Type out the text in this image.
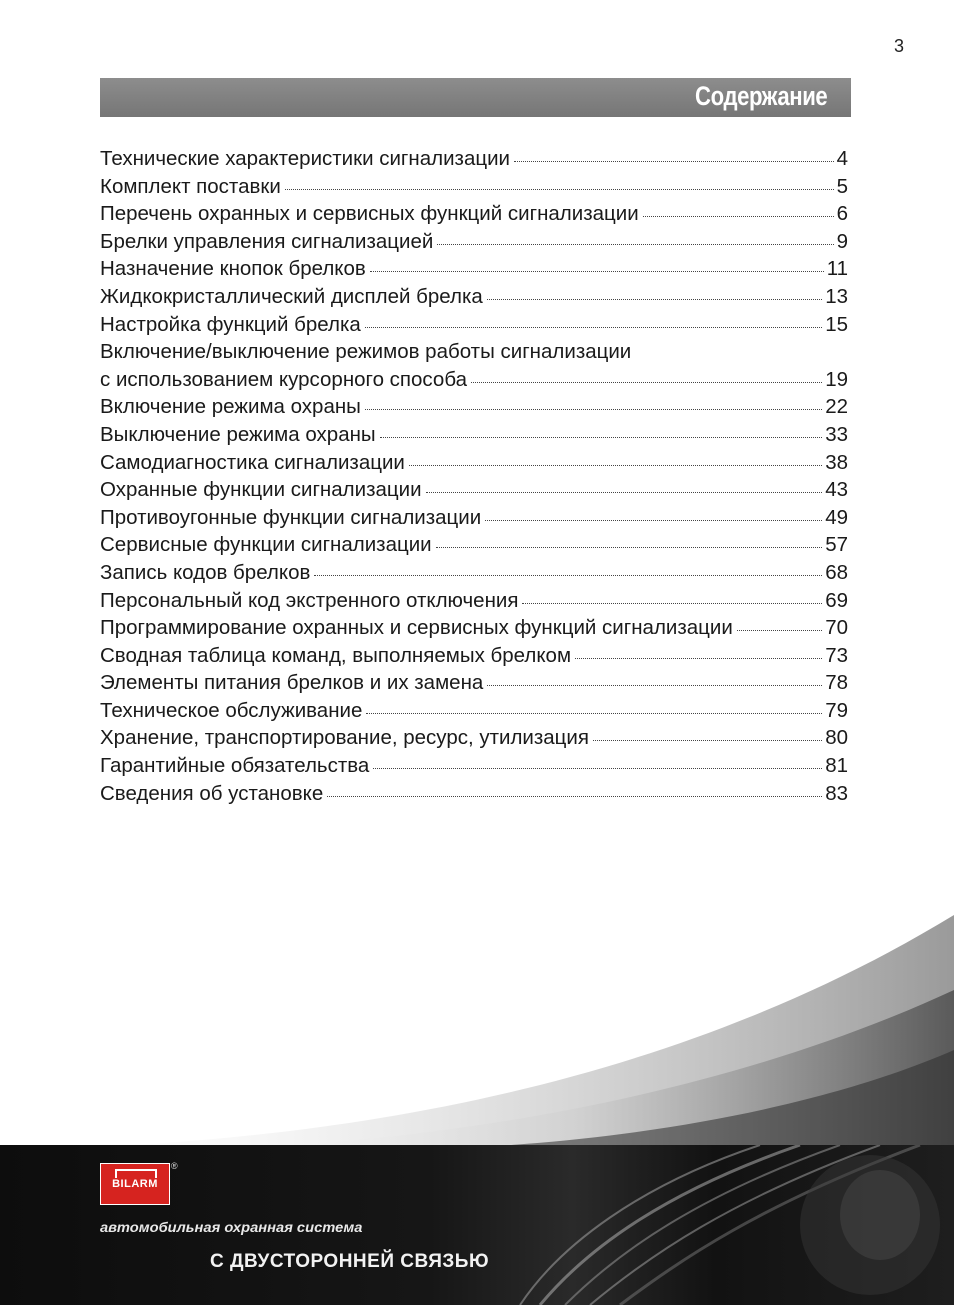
3
Содержание
Технические характеристики сигнализации	4
Комплект поставки	5
Перечень охранных и сервисных функций сигнализации	6
Брелки управления сигнализацией	9
Назначение кнопок брелков	11
Жидкокристаллический дисплей брелка	13
Настройка функций брелка	15
Включение/выключение режимов работы сигнализации
с использованием курсорного способа	19
Включение режима охраны	22
Выключение режима охраны	33
Самодиагностика сигнализации	38
Охранные функции сигнализации	43
Противоугонные функции сигнализации	49
Сервисные функции сигнализации	57
Запись кодов брелков	68
Персональный код экстренного отключения	69
Программирование охранных и сервисных функций сигнализации	70
Сводная таблица команд, выполняемых брелком	73
Элементы питания брелков и их замена	78
Техническое обслуживание	79
Хранение, транспортирование, ресурс, утилизация	80
Гарантийные обязательства	81
Сведения об установке	83
BILARM
®
автомобильная охранная система
С ДВУСТОРОННЕЙ СВЯЗЬЮ
